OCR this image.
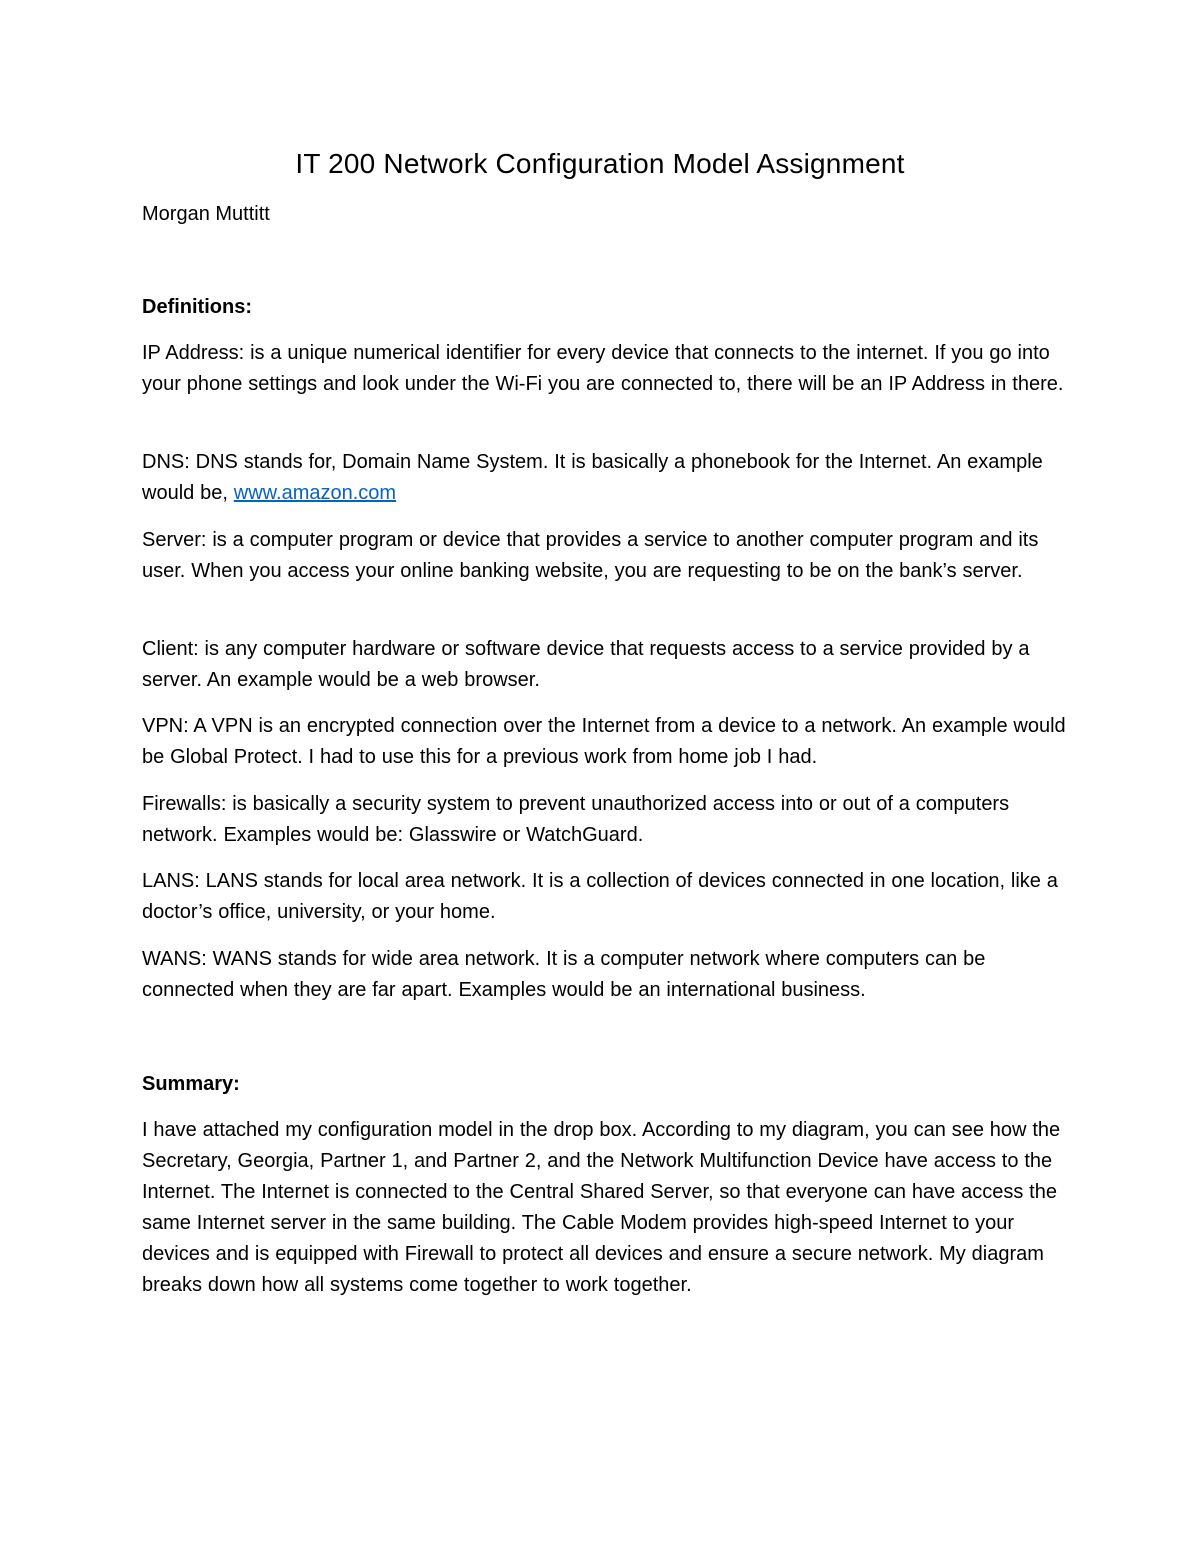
IT 200 Network Configuration Model Assignment

Morgan Muttitt

Definitions:

IP Address: is a unique numerical identifier for every device that connects to the internet. If you go into your phone settings and look under the Wi-Fi you are connected to, there will be an IP Address in there.

DNS: DNS stands for, Domain Name System. It is basically a phonebook for the Internet. An example would be, www.amazon.com

Server: is a computer program or device that provides a service to another computer program and its user. When you access your online banking website, you are requesting to be on the bank’s server.

Client: is any computer hardware or software device that requests access to a service provided by a server. An example would be a web browser.

VPN: A VPN is an encrypted connection over the Internet from a device to a network. An example would be Global Protect. I had to use this for a previous work from home job I had.

Firewalls: is basically a security system to prevent unauthorized access into or out of a computers network. Examples would be: Glasswire or WatchGuard.

LANS: LANS stands for local area network. It is a collection of devices connected in one location, like a doctor’s office, university, or your home.

WANS: WANS stands for wide area network. It is a computer network where computers can be connected when they are far apart. Examples would be an international business.

Summary:

I have attached my configuration model in the drop box. According to my diagram, you can see how the Secretary, Georgia, Partner 1, and Partner 2, and the Network Multifunction Device have access to the Internet. The Internet is connected to the Central Shared Server, so that everyone can have access the same Internet server in the same building. The Cable Modem provides high-speed Internet to your devices and is equipped with Firewall to protect all devices and ensure a secure network. My diagram breaks down how all systems come together to work together.
